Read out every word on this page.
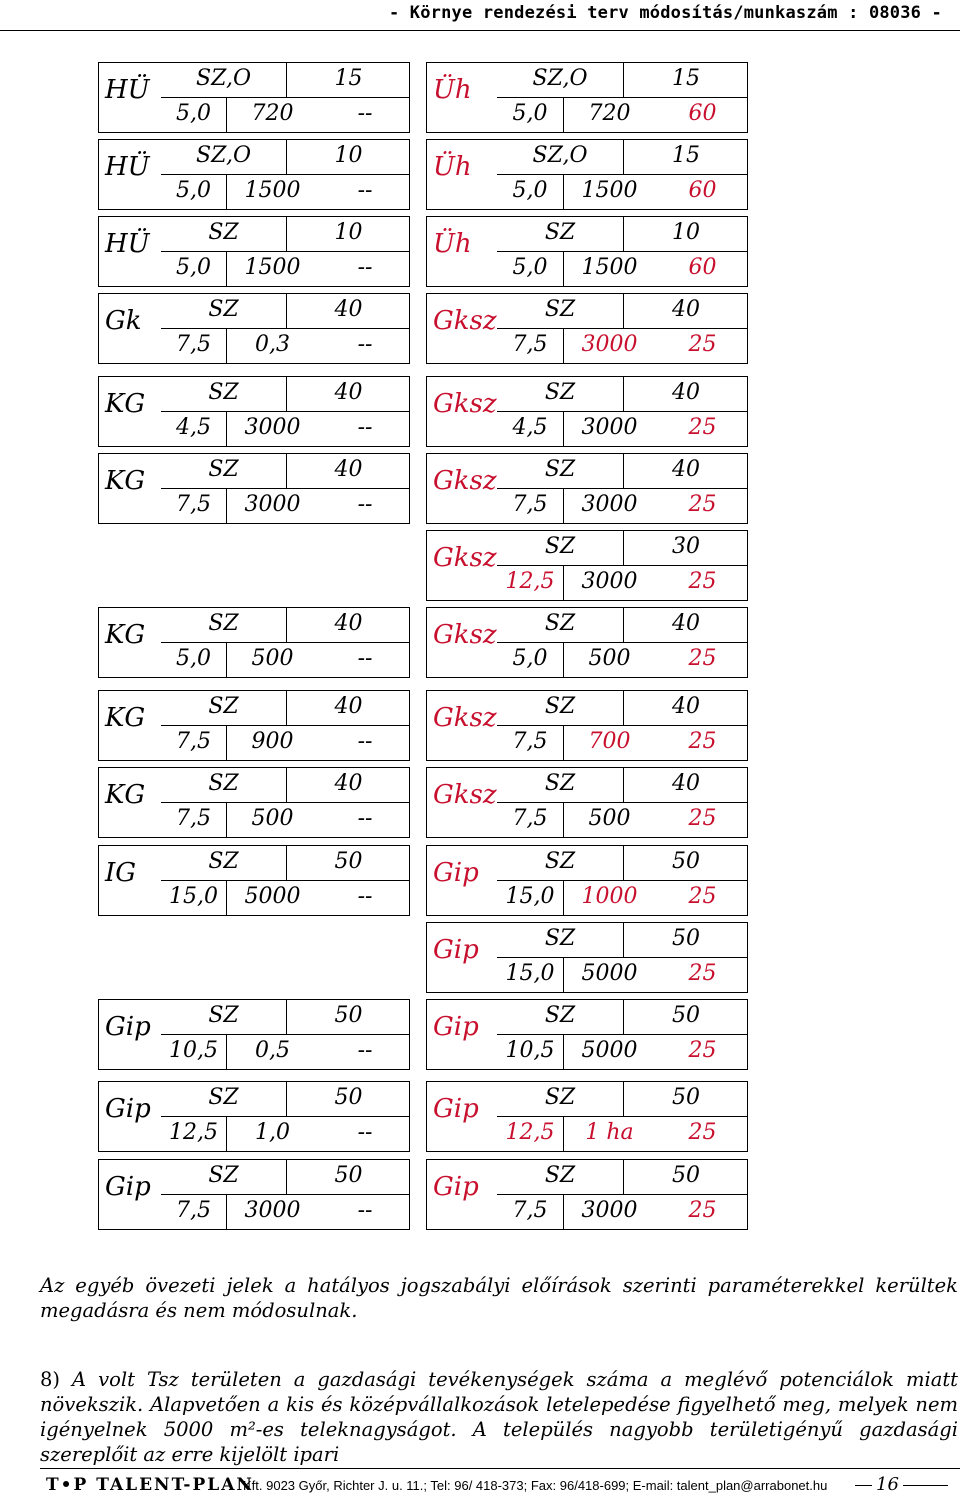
- Környe rendezési terv módosítás/munkaszám : 08036 -
HÜ	SZ,O	15
5,0	720	--
HÜ	SZ,O	10
5,0	1500	--
HÜ	SZ	10
5,0	1500	--
Gk	SZ	40
7,5	0,3	--
KG	SZ	40
4,5	3000	--
KG	SZ	40
7,5	3000	--
KG	SZ	40
5,0	500	--
KG	SZ	40
7,5	900	--
KG	SZ	40
7,5	500	--
IG	SZ	50
15,0	5000	--
Gip	SZ	50
10,5	0,5	--
Gip	SZ	50
12,5	1,0	--
Gip	SZ	50
7,5	3000	--
Üh	SZ,O	15
5,0	720	60
Üh	SZ,O	15
5,0	1500	60
Üh	SZ	10
5,0	1500	60
Gksz	SZ	40
7,5	3000	25
Gksz	SZ	40
4,5	3000	25
Gksz	SZ	40
7,5	3000	25
Gksz	SZ	30
12,5	3000	25
Gksz	SZ	40
5,0	500	25
Gksz	SZ	40
7,5	700	25
Gksz	SZ	40
7,5	500	25
Gip	SZ	50
15,0	1000	25
Gip	SZ	50
15,0	5000	25
Gip	SZ	50
10,5	5000	25
Gip	SZ	50
12,5	1 ha	25
Gip	SZ	50
7,5	3000	25
Az egyéb övezeti jelek a hatályos jogszabályi előírások szerinti paraméterekkel kerültek megadásra és nem módosulnak.
8) A volt Tsz területen a gazdasági tevékenységek száma a meglévő potenciálok miatt növekszik. Alapvetően a kis és középvállalkozások letelepedése figyelhető meg, melyek nem igényelnek 5000 m²-es teleknagyságot. A település nagyobb területigényű gazdasági szereplőit az erre kijelölt ipari
T•P TALENT-PLAN
Kft. 9023 Győr, Richter J. u. 11.; Tel: 96/ 418-373; Fax: 96/418-699; E-mail: talent_plan@arrabonet.hu	16
